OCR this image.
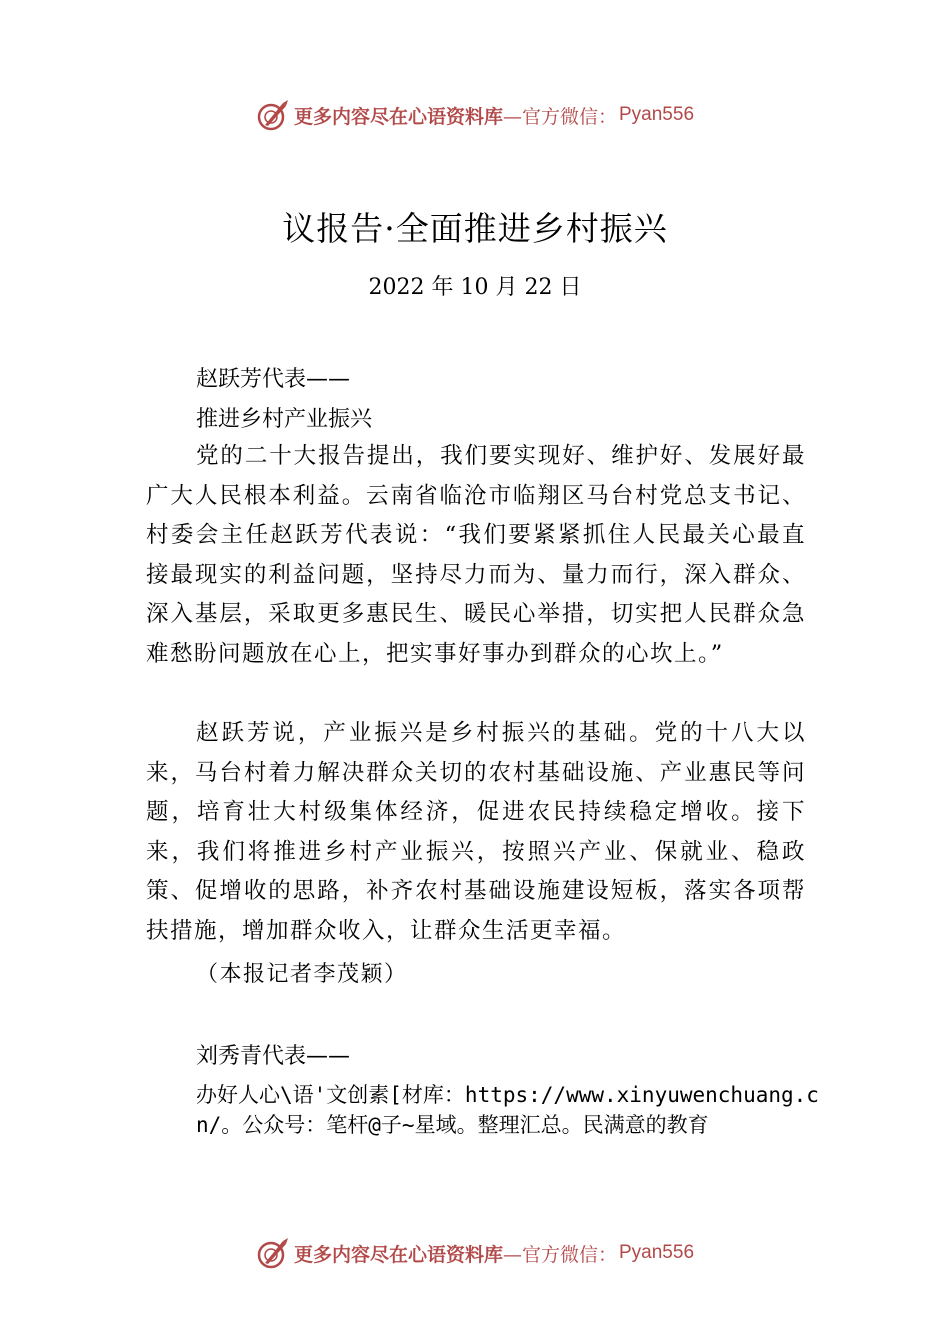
更多内容尽在心语资料库—官方微信： Pyan556
议报告·全面推进乡村振兴
2022 年 10 月 22 日
赵跃芳代表——
推进乡村产业振兴

党的二十大报告提出，我们要实现好、维护好、发展好最广大人民根本利益。云南省临沧市临翔区马台村党总支书记、村委会主任赵跃芳代表说：“我们要紧紧抓住人民最关心最直接最现实的利益问题，坚持尽力而为、量力而行，深入群众、深入基层，采取更多惠民生、暖民心举措，切实把人民群众急难愁盼问题放在心上，把实事好事办到群众的心坎上。”

赵跃芳说，产业振兴是乡村振兴的基础。党的十八大以来，马台村着力解决群众关切的农村基础设施、产业惠民等问题，培育壮大村级集体经济，促进农民持续稳定增收。接下来，我们将推进乡村产业振兴，按照兴产业、保就业、稳政策、促增收的思路，补齐农村基础设施建设短板，落实各项帮扶措施，增加群众收入，让群众生活更幸福。

（本报记者李茂颖）
刘秀青代表——

办好人心\语'文创素[材库：https://www.xinyuwenchuang.cn/。公众号：笔杆@子~星域。整理汇总。民满意的教育

更多内容尽在心语资料库—官方微信： Pyan556
